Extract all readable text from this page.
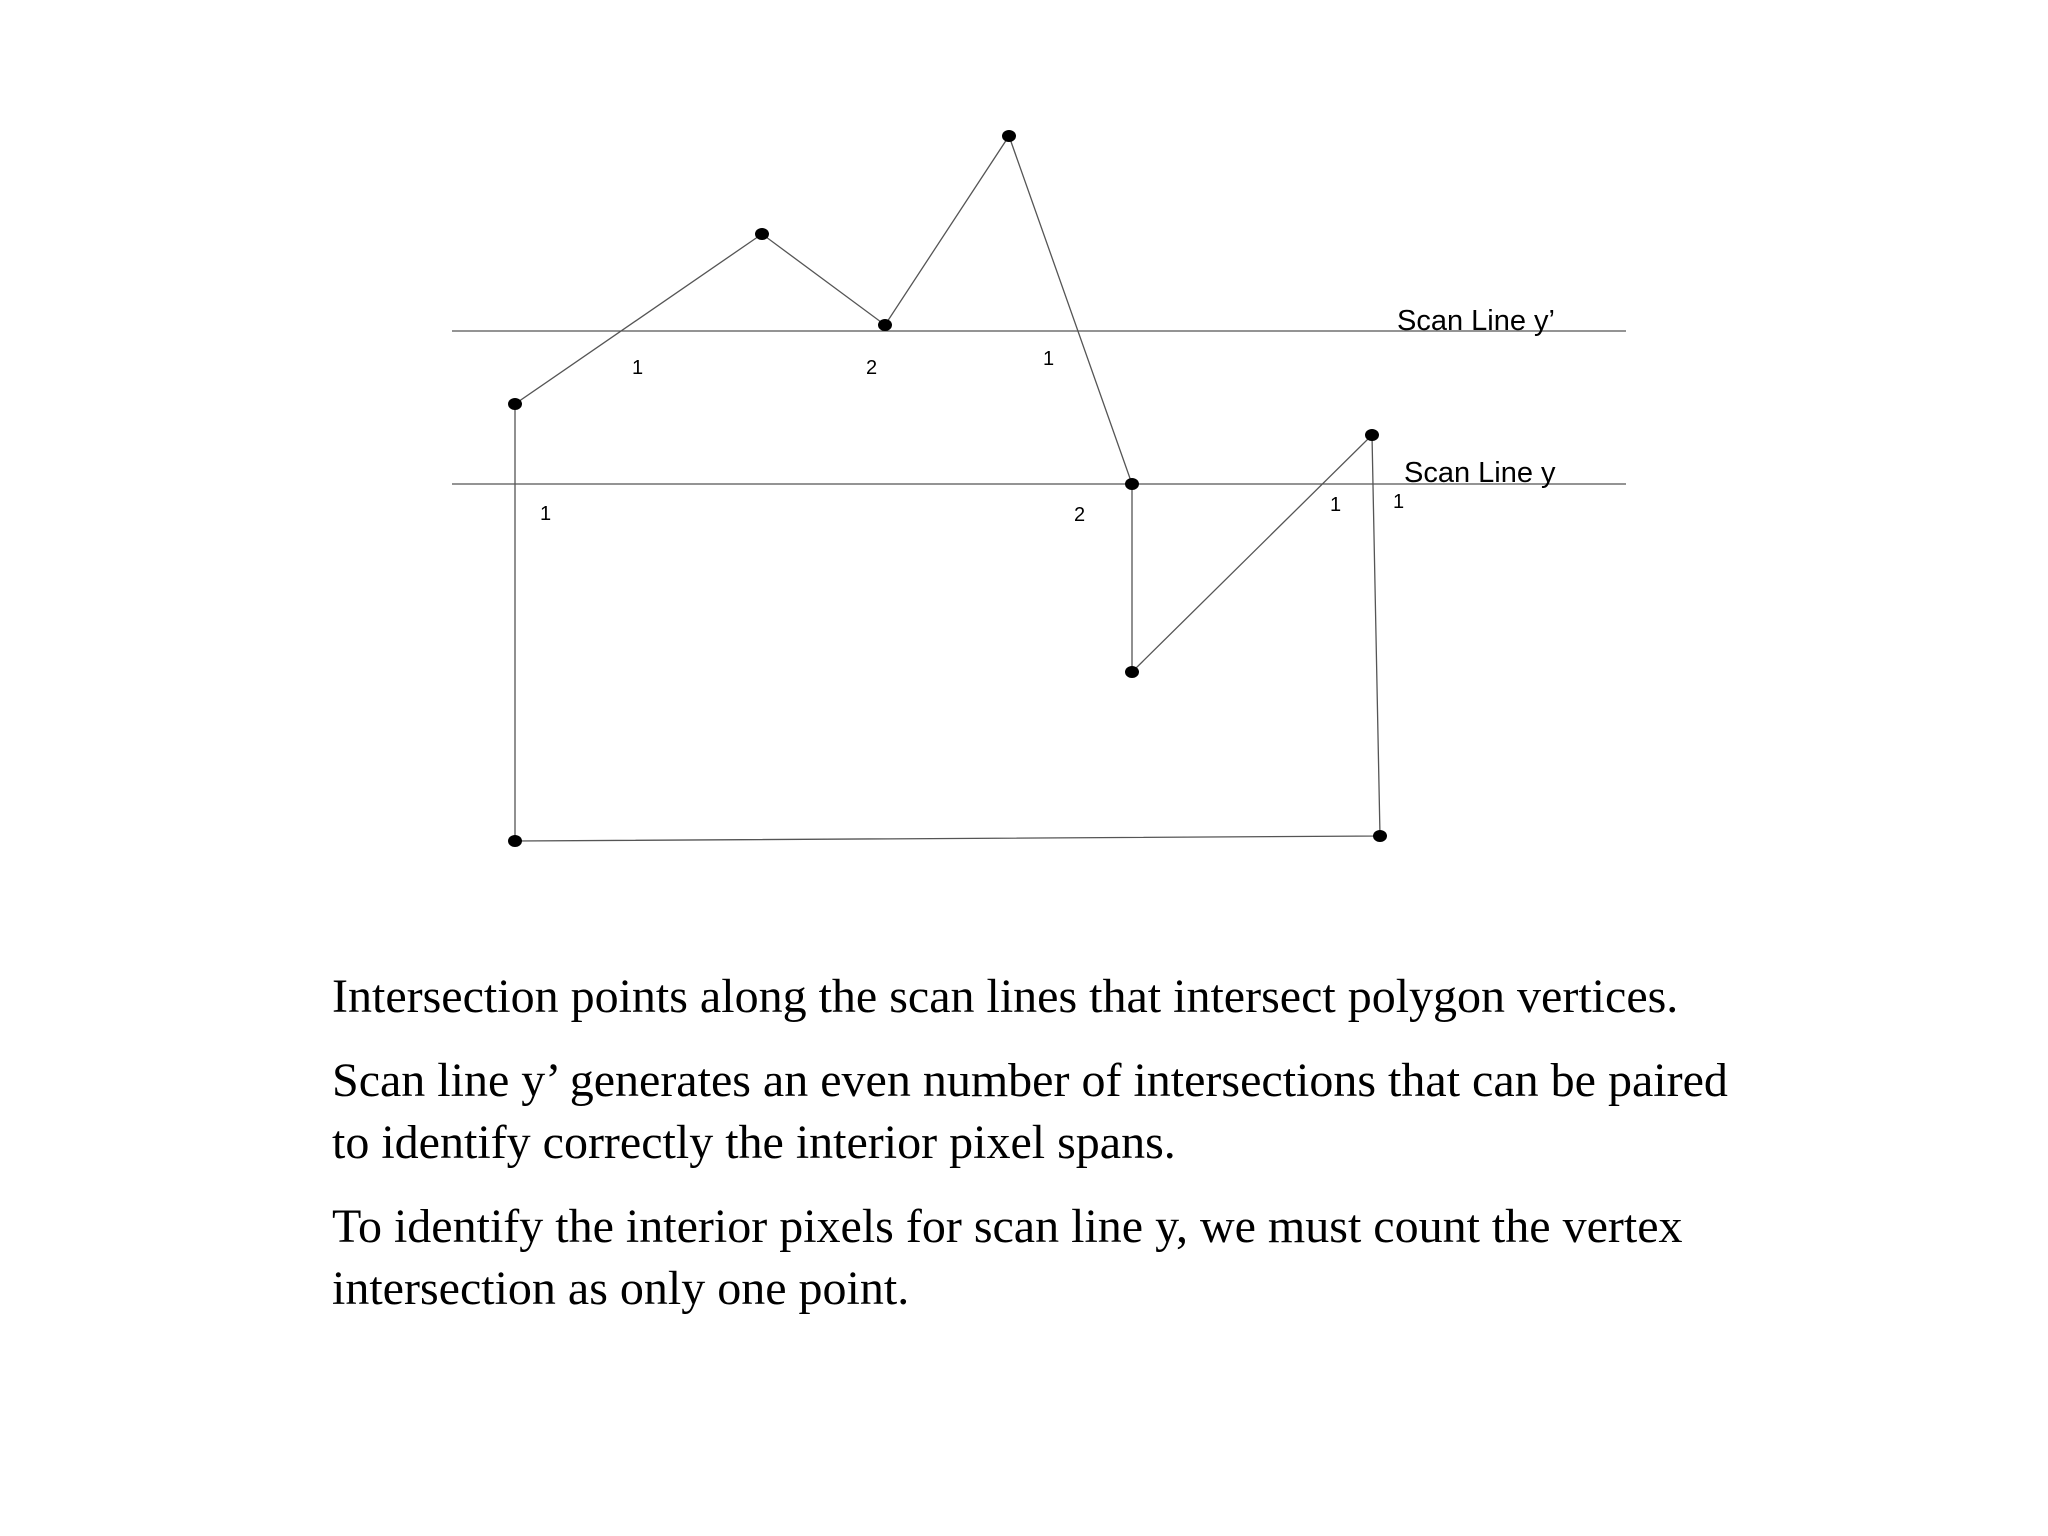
Scan Line y’
Scan Line y
1	2	1
1	2	1	1

Intersection points along the scan lines that intersect polygon vertices.

Scan line y’ generates an even number of intersections that can be paired to identify correctly the interior pixel spans.

To identify the interior pixels for scan line y, we must count the vertex intersection as only one point.
